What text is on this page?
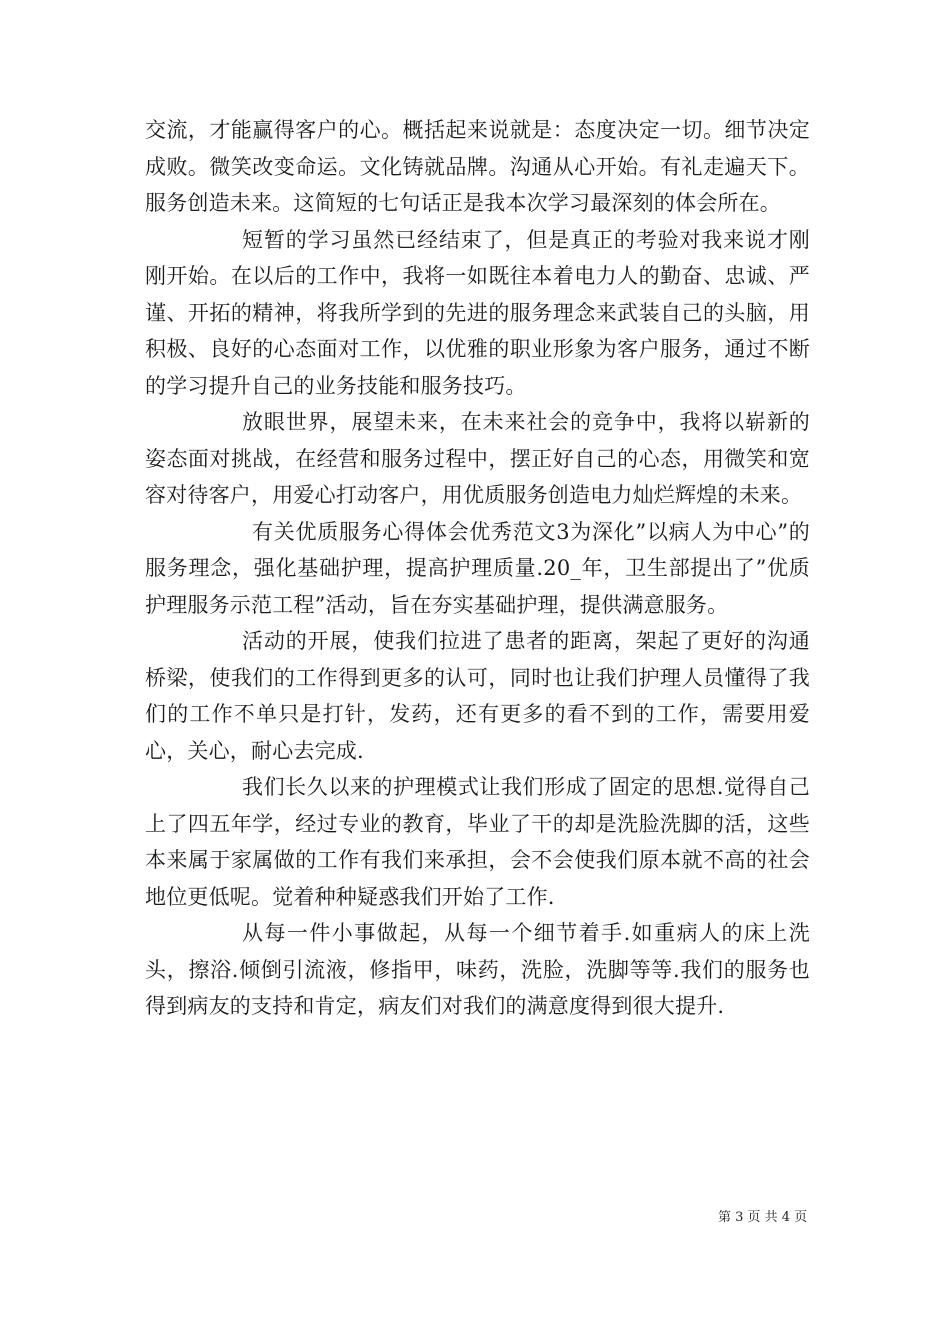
交流，才能赢得客户的心。概括起来说就是：态度决定一切。细节决定成败。微笑改变命运。文化铸就品牌。沟通从心开始。有礼走遍天下。服务创造未来。这简短的七句话正是我本次学习最深刻的体会所在。

短暂的学习虽然已经结束了，但是真正的考验对我来说才刚刚开始。在以后的工作中，我将一如既往本着电力人的勤奋、忠诚、严谨、开拓的精神，将我所学到的先进的服务理念来武装自己的头脑，用积极、良好的心态面对工作，以优雅的职业形象为客户服务，通过不断的学习提升自己的业务技能和服务技巧。

放眼世界，展望未来，在未来社会的竞争中，我将以崭新的姿态面对挑战，在经营和服务过程中，摆正好自己的心态，用微笑和宽容对待客户，用爱心打动客户，用优质服务创造电力灿烂辉煌的未来。

有关优质服务心得体会优秀范文3为深化”以病人为中心”的服务理念，强化基础护理，提高护理质量.20_年，卫生部提出了”优质护理服务示范工程”活动，旨在夯实基础护理，提供满意服务。

活动的开展，使我们拉进了患者的距离，架起了更好的沟通桥梁，使我们的工作得到更多的认可，同时也让我们护理人员懂得了我们的工作不单只是打针，发药，还有更多的看不到的工作，需要用爱心，关心，耐心去完成.

我们长久以来的护理模式让我们形成了固定的思想.觉得自己上了四五年学，经过专业的教育，毕业了干的却是洗脸洗脚的活，这些本来属于家属做的工作有我们来承担，会不会使我们原本就不高的社会地位更低呢。觉着种种疑惑我们开始了工作.

从每一件小事做起，从每一个细节着手.如重病人的床上洗头，擦浴.倾倒引流液，修指甲，味药，洗脸，洗脚等等.我们的服务也得到病友的支持和肯定，病友们对我们的满意度得到很大提升.

第 3 页 共 4 页
